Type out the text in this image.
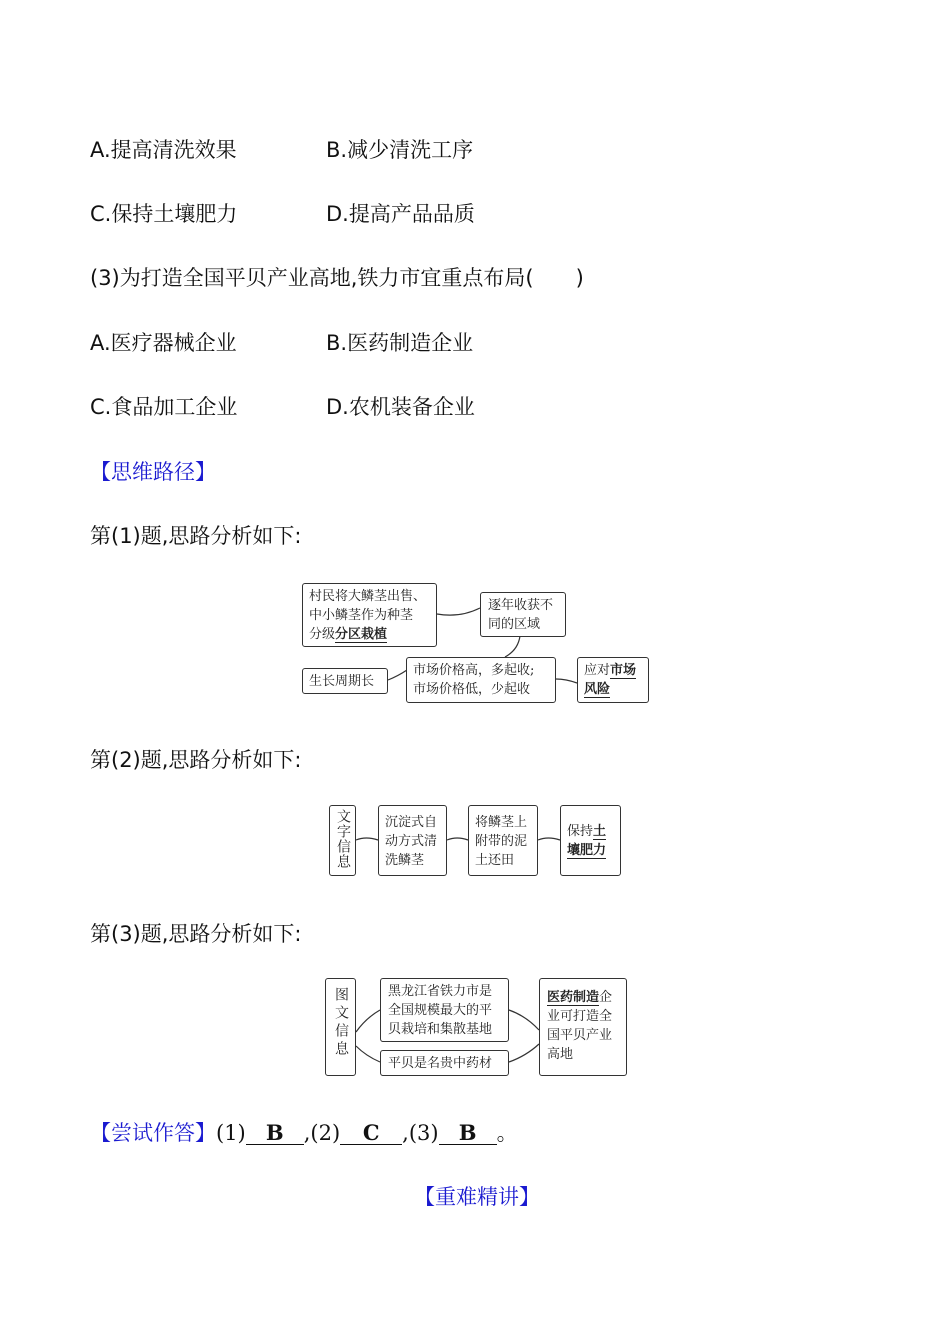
A.提高清洗效果	B.减少清洗工序
C.保持土壤肥力	D.提高产品品质
(3)为打造全国平贝产业高地,铁力市宜重点布局(　　)
A.医疗器械企业	B.医药制造企业
C.食品加工企业	D.农机装备企业
【思维路径】
第(1)题,思路分析如下:
村民将大鳞茎出售、
中小鳞茎作为种茎
分级分区栽植
逐年收获不
同的区域
生长周期长
市场价格高，多起收;
市场价格低，少起收
应对市场
风险
第(2)题,思路分析如下:
文字信息	沉淀式自
动方式清
洗鳞茎
将鳞茎上
附带的泥
土还田
保持土
壤肥力
第(3)题,思路分析如下:
图文信息	黑龙江省铁力市是
全国规模最大的平
贝栽培和集散基地
平贝是名贵中药材
医药制造企
业可打造全
国平贝产业
高地
【尝试作答】(1) B ,(2) C ,(3) B 。
【重难精讲】
